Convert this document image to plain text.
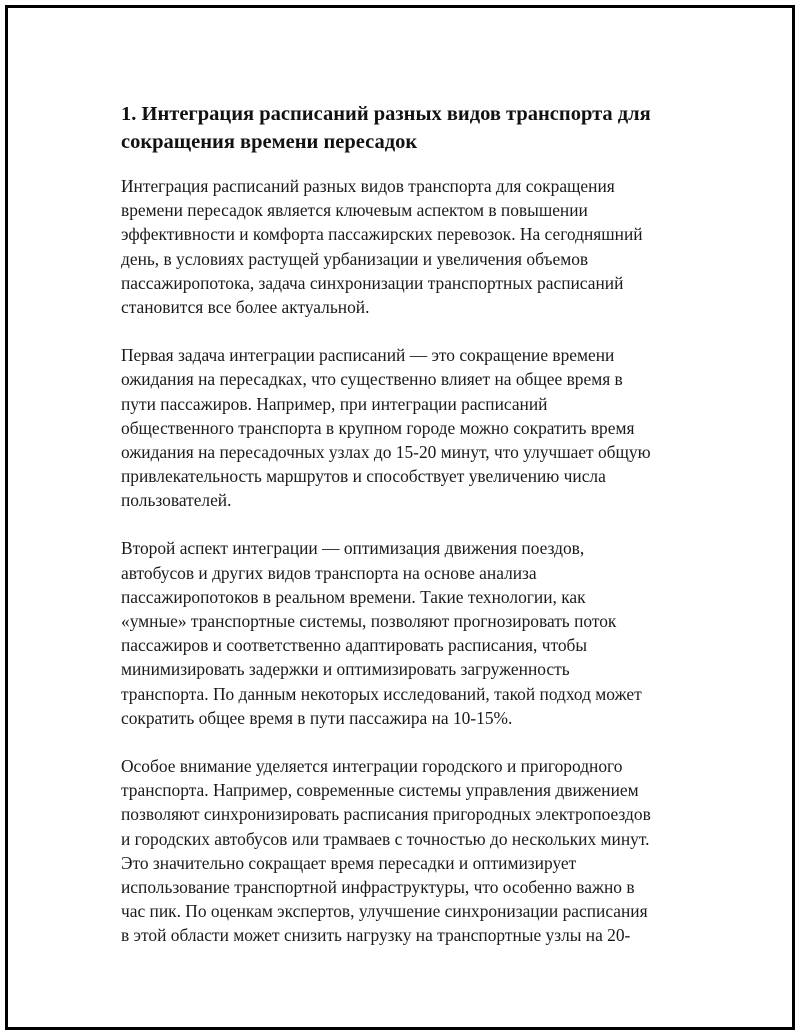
1. Интеграция расписаний разных видов транспорта для
сокращения времени пересадок

Интеграция расписаний разных видов транспорта для сокращения
времени пересадок является ключевым аспектом в повышении
эффективности и комфорта пассажирских перевозок. На сегодняшний
день, в условиях растущей урбанизации и увеличения объемов
пассажиропотока, задача синхронизации транспортных расписаний
становится все более актуальной.

Первая задача интеграции расписаний — это сокращение времени
ожидания на пересадках, что существенно влияет на общее время в
пути пассажиров. Например, при интеграции расписаний
общественного транспорта в крупном городе можно сократить время
ожидания на пересадочных узлах до 15-20 минут, что улучшает общую
привлекательность маршрутов и способствует увеличению числа
пользователей.

Второй аспект интеграции — оптимизация движения поездов,
автобусов и других видов транспорта на основе анализа
пассажиропотоков в реальном времени. Такие технологии, как
«умные» транспортные системы, позволяют прогнозировать поток
пассажиров и соответственно адаптировать расписания, чтобы
минимизировать задержки и оптимизировать загруженность
транспорта. По данным некоторых исследований, такой подход может
сократить общее время в пути пассажира на 10-15%.

Особое внимание уделяется интеграции городского и пригородного
транспорта. Например, современные системы управления движением
позволяют синхронизировать расписания пригородных электропоездов
и городских автобусов или трамваев с точностью до нескольких минут.
Это значительно сокращает время пересадки и оптимизирует
использование транспортной инфраструктуры, что особенно важно в
час пик. По оценкам экспертов, улучшение синхронизации расписания
в этой области может снизить нагрузку на транспортные узлы на 20-
